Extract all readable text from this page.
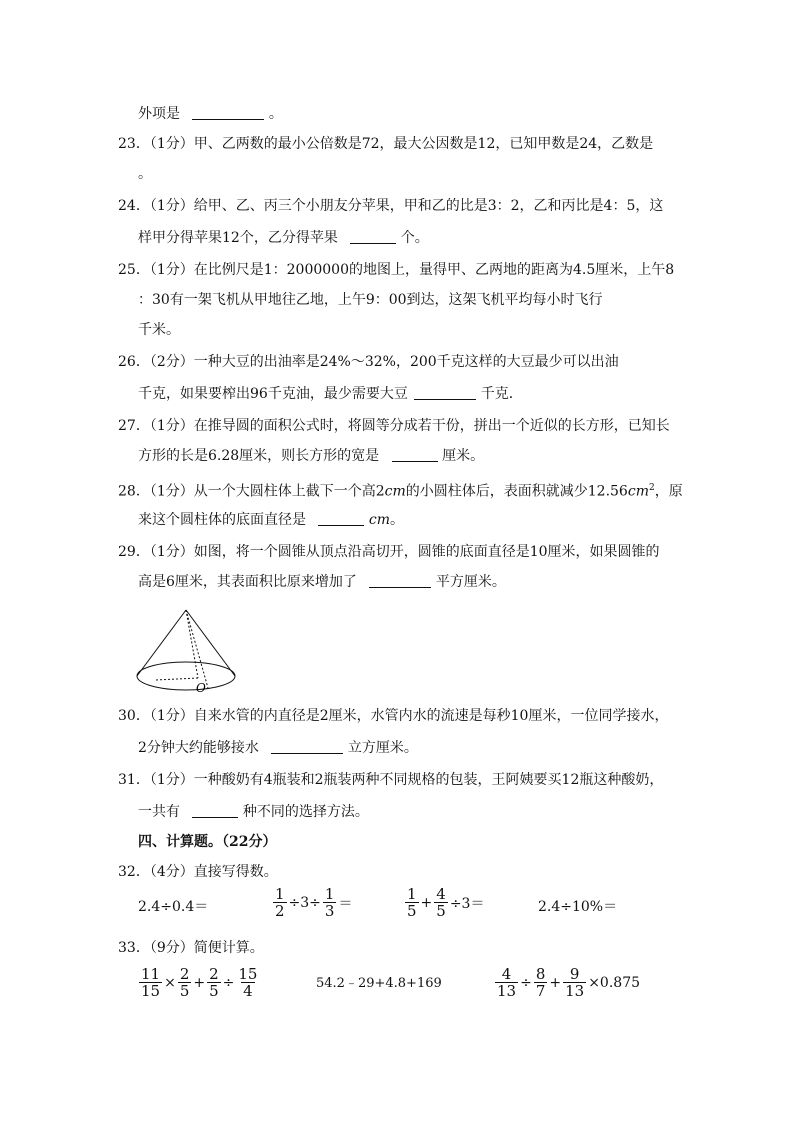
外项是	。
23．（1分）甲、乙两数的最小公倍数是72，最大公因数是12，已知甲数是24，乙数是
。
24．（1分）给甲、乙、丙三个小朋友分苹果，甲和乙的比是3：2，乙和丙比是4：5，这
样甲分得苹果12个，乙分得苹果	个。
25．（1分）在比例尺是1：2000000的地图上，量得甲、乙两地的距离为4.5厘米，上午8
：30有一架飞机从甲地往乙地，上午9：00到达，这架飞机平均每小时飞行
千米。
26．（2分）一种大豆的出油率是24%～32%，200千克这样的大豆最少可以出油
千克，如果要榨出96千克油，最少需要大豆	千克．
27．（1分）在推导圆的面积公式时，将圆等分成若干份，拼出一个近似的长方形，已知长
方形的长是6.28厘米，则长方形的宽是	厘米。
28．（1分）从一个大圆柱体上截下一个高2cm的小圆柱体后，表面积就减少$12.56cm^2$，原
来这个圆柱体的底面直径是	cm。
29．（1分）如图，将一个圆锥从顶点沿高切开，圆锥的底面直径是10厘米，如果圆锥的
高是6厘米，其表面积比原来增加了	平方厘米。
O
30．（1分）自来水管的内直径是2厘米，水管内水的流速是每秒10厘米，一位同学接水，
2分钟大约能够接水	立方厘米。
31．（1分）一种酸奶有4瓶装和2瓶装两种不同规格的包装，王阿姨要买12瓶这种酸奶，
一共有	种不同的选择方法。
四、计算题。（22分）
32．（4分）直接写得数。
2.4÷0.4＝	$\frac{1}{2} \div 3\div \frac{1}{3}$ ＝	$\frac{1}{5} + \frac{4}{5} \div 3=$	2.4÷10%＝
33．（9分）简便计算。
$\frac{11}{15} \times \frac{2}{5} + \frac{2}{5} \div \frac{15}{4}$	54.2﹣29+4.8+169	$\frac{4}{13} \div \frac{8}{7} + \frac{9}{13} \times 0.875$
